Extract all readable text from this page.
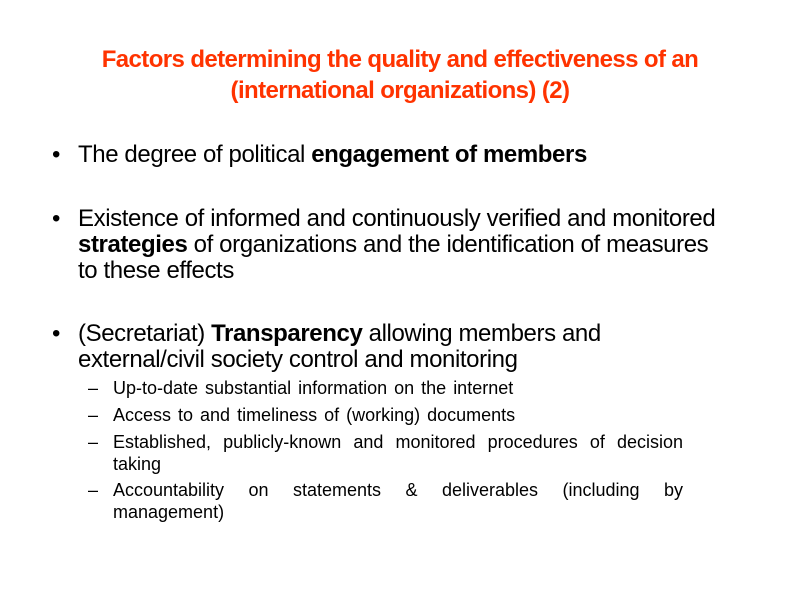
Factors determining the quality and effectiveness of an
(international organizations) (2)
• The degree of political engagement of members
• Existence of informed and continuously verified and monitored strategies of organizations and the identification of measures to these effects
• (Secretariat) Transparency allowing members and external/civil society control and monitoring
– Up-to-date substantial information on the internet
– Access to and timeliness of (working) documents
– Established, publicly-known and monitored procedures of decision taking
– Accountability on statements & deliverables (including by management)
